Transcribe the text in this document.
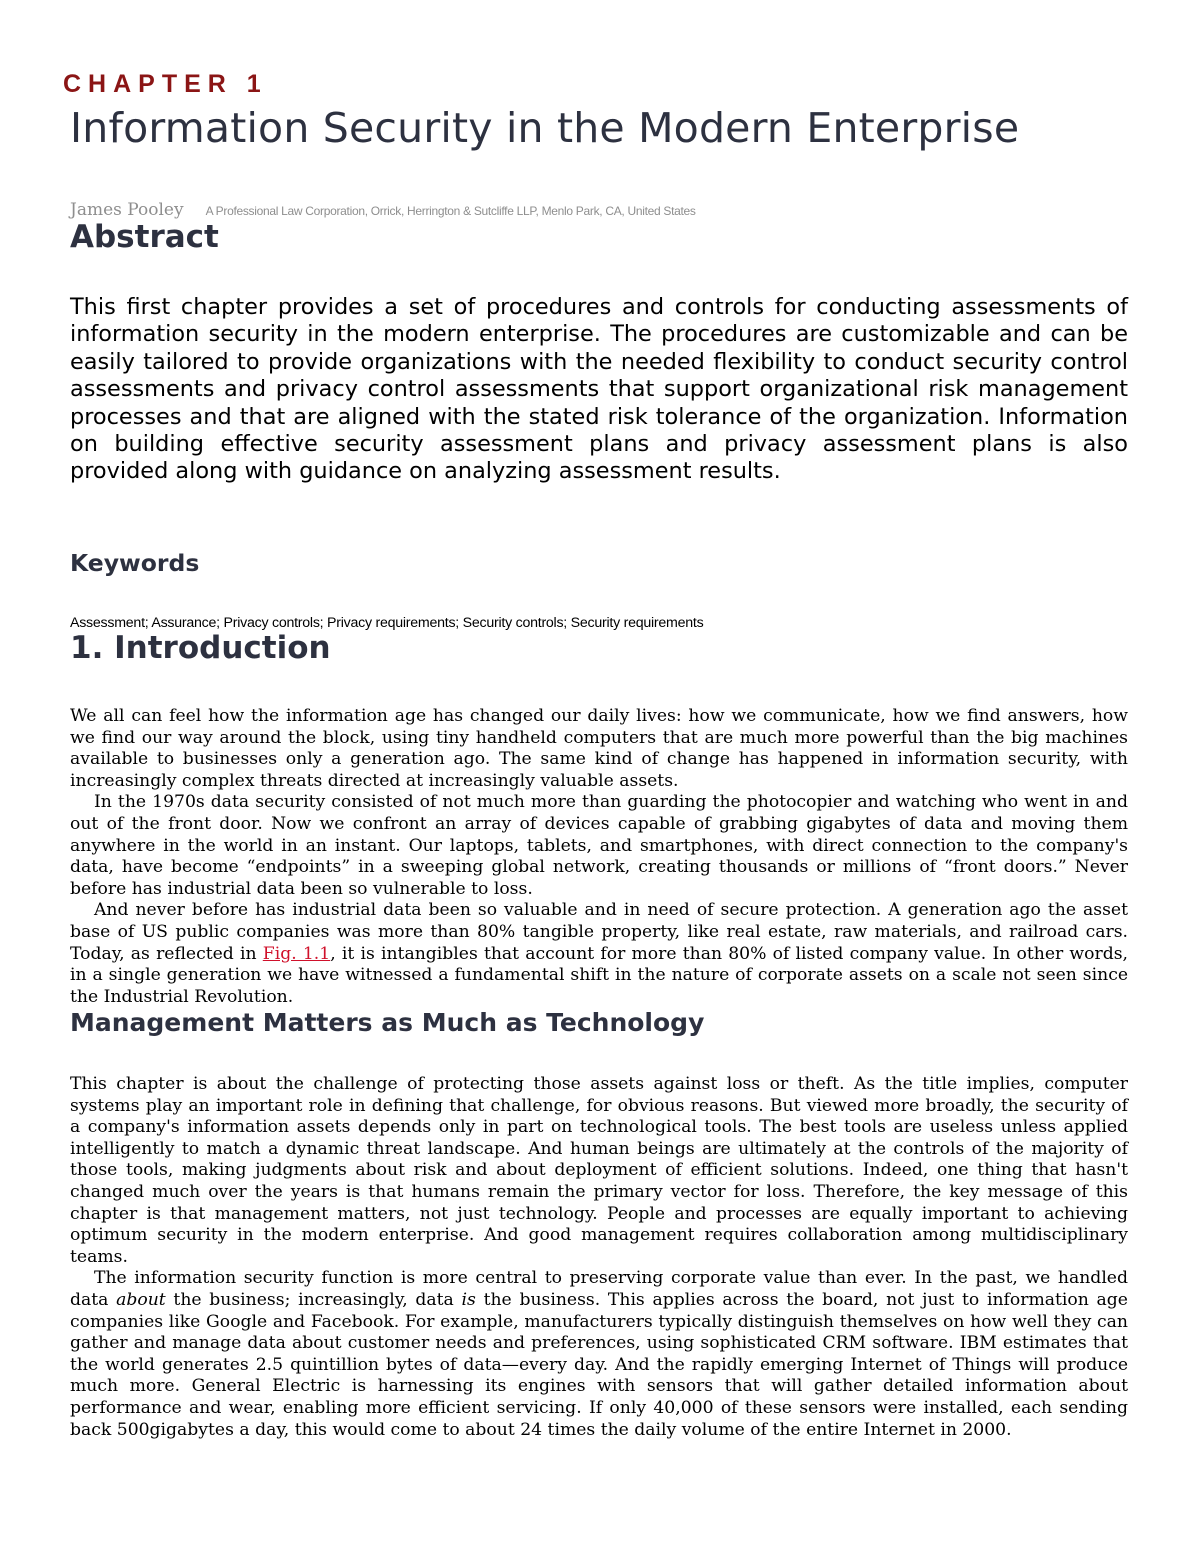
CHAPTER 1
Information Security in the Modern Enterprise
James Pooley A Professional Law Corporation, Orrick, Herrington & Sutcliffe LLP, Menlo Park, CA, United States
Abstract

This first chapter provides a set of procedures and controls for conducting assessments of information security in the modern enterprise. The procedures are customizable and can be easily tailored to provide organizations with the needed flexibility to conduct security control assessments and privacy control assessments that support organizational risk management processes and that are aligned with the stated risk tolerance of the organization. Information on building effective security assessment plans and privacy assessment plans is also provided along with guidance on analyzing assessment results.

Keywords
Assessment; Assurance; Privacy controls; Privacy requirements; Security controls; Security requirements
1. Introduction

We all can feel how the information age has changed our daily lives: how we communicate, how we find answers, how we find our way around the block, using tiny handheld computers that are much more powerful than the big machines available to businesses only a generation ago. The same kind of change has happened in information security, with increasingly complex threats directed at increasingly valuable assets.

In the 1970s data security consisted of not much more than guarding the photocopier and watching who went in and out of the front door. Now we confront an array of devices capable of grabbing gigabytes of data and moving them anywhere in the world in an instant. Our laptops, tablets, and smartphones, with direct connection to the company's data, have become “endpoints” in a sweeping global network, creating thousands or millions of “front doors.” Never before has industrial data been so vulnerable to loss.

And never before has industrial data been so valuable and in need of secure protection. A generation ago the asset base of US public companies was more than 80% tangible property, like real estate, raw materials, and railroad cars. Today, as reflected in Fig. 1.1, it is intangibles that account for more than 80% of listed company value. In other words, in a single generation we have witnessed a fundamental shift in the nature of corporate assets on a scale not seen since the Industrial Revolution.

Management Matters as Much as Technology

This chapter is about the challenge of protecting those assets against loss or theft. As the title implies, computer systems play an important role in defining that challenge, for obvious reasons. But viewed more broadly, the security of a company's information assets depends only in part on technological tools. The best tools are useless unless applied intelligently to match a dynamic threat landscape. And human beings are ultimately at the controls of the majority of those tools, making judgments about risk and about deployment of efficient solutions. Indeed, one thing that hasn't changed much over the years is that humans remain the primary vector for loss. Therefore, the key message of this chapter is that management matters, not just technology. People and processes are equally important to achieving optimum security in the modern enterprise. And good management requires collaboration among multidisciplinary teams.

The information security function is more central to preserving corporate value than ever. In the past, we handled data about the business; increasingly, data is the business. This applies across the board, not just to information age companies like Google and Facebook. For example, manufacturers typically distinguish themselves on how well they can gather and manage data about customer needs and preferences, using sophisticated CRM software. IBM estimates that the world generates 2.5 quintillion bytes of data—every day. And the rapidly emerging Internet of Things will produce much more. General Electric is harnessing its engines with sensors that will gather detailed information about performance and wear, enabling more efficient servicing. If only 40,000 of these sensors were installed, each sending back 500gigabytes a day, this would come to about 24 times the daily volume of the entire Internet in 2000.
